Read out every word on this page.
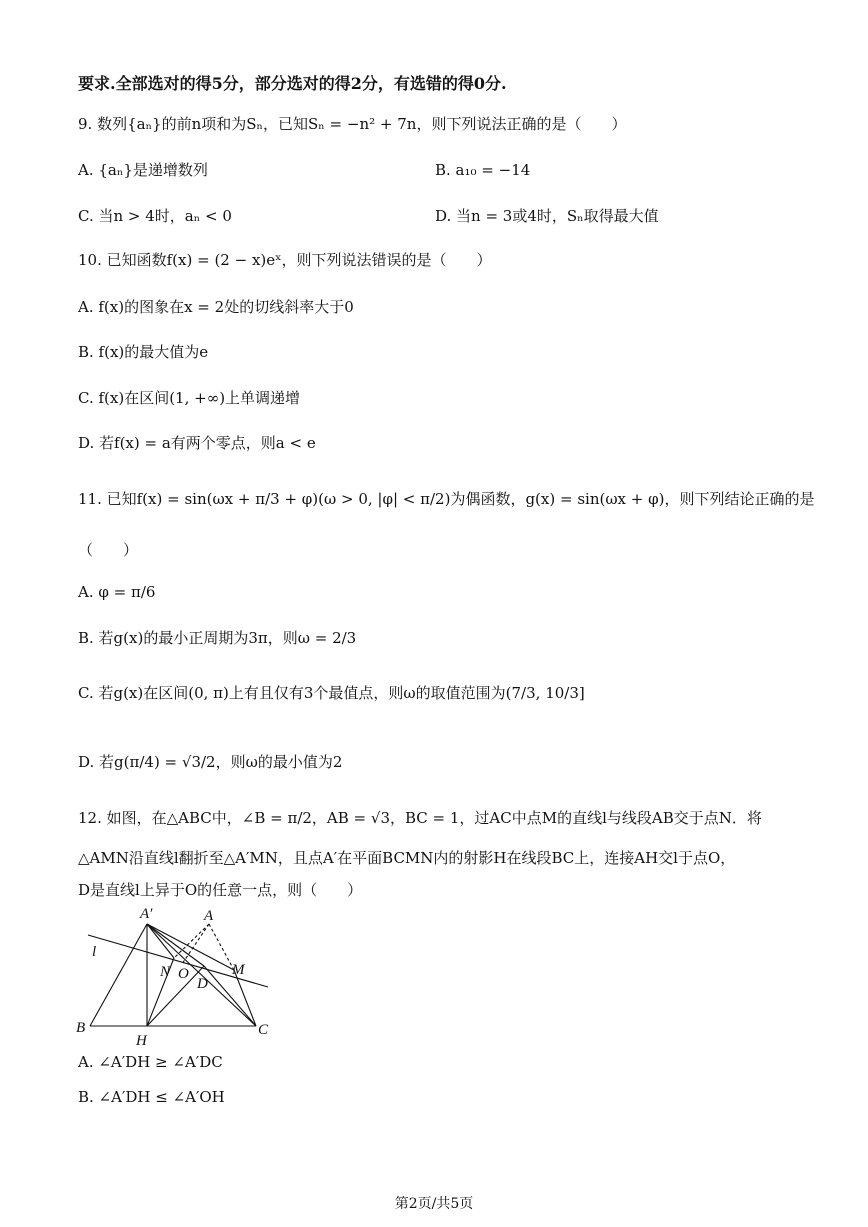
要求.全部选对的得5分，部分选对的得2分，有选错的得0分.
9. 数列{aₙ}的前n项和为Sₙ，已知Sₙ = −n² + 7n，则下列说法正确的是（　　）
A. {aₙ}是递增数列	B. a₁₀ = −14
C. 当n > 4时，aₙ < 0	D. 当n = 3或4时，Sₙ取得最大值
10. 已知函数f(x) = (2 − x)eˣ，则下列说法错误的是（　　）
A. f(x)的图象在x = 2处的切线斜率大于0
B. f(x)的最大值为e
C. f(x)在区间(1, +∞)上单调递增
D. 若f(x) = a有两个零点，则a < e
11. 已知f(x) = sin(ωx + π/3 + φ)(ω > 0, |φ| < π/2)为偶函数，g(x) = sin(ωx + φ)，则下列结论正确的是
（　　）
A. φ = π/6
B. 若g(x)的最小正周期为3π，则ω = 2/3
C. 若g(x)在区间(0, π)上有且仅有3个最值点，则ω的取值范围为(7/3, 10/3]
D. 若g(π/4) = √3/2，则ω的最小值为2
12. 如图，在△ABC中，∠B = π/2，AB = √3，BC = 1，过AC中点M的直线l与线段AB交于点N．将
△AMN沿直线l翻折至△A′MN，且点A′在平面BCMN内的射影H在线段BC上，连接AH交l于点O，
D是直线l上异于O的任意一点，则（　　）
A′	A
l
N O
D
M
B
H
C
A. ∠A′DH ≥ ∠A′DC
B. ∠A′DH ≤ ∠A′OH
第2页/共5页
